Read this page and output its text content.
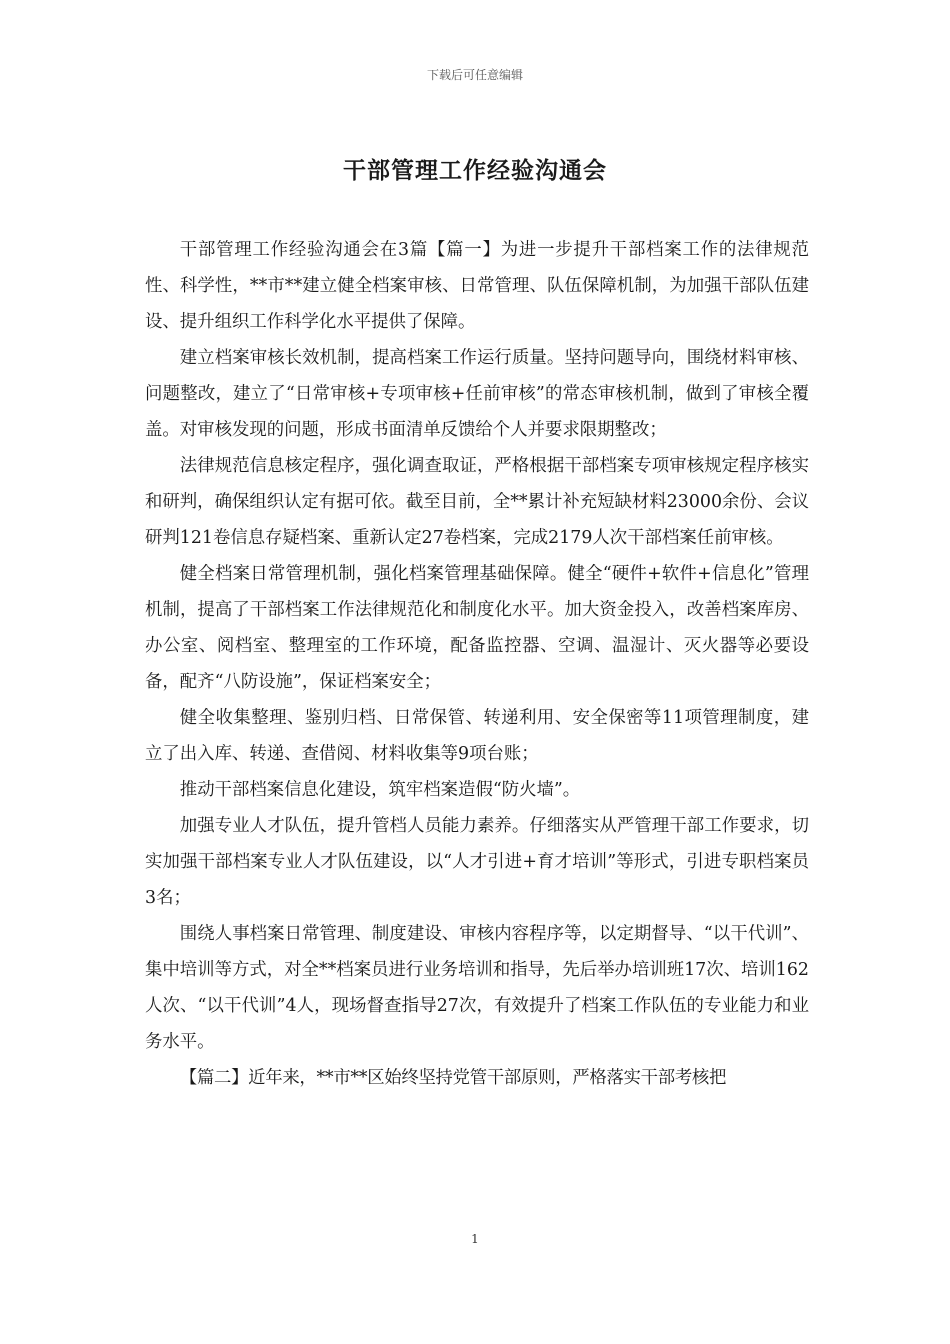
下载后可任意编辑
干部管理工作经验沟通会

干部管理工作经验沟通会在3篇【篇一】为进一步提升干部档案工作的法律规范性、科学性，**市**建立健全档案审核、日常管理、队伍保障机制，为加强干部队伍建设、提升组织工作科学化水平提供了保障。

建立档案审核长效机制，提高档案工作运行质量。坚持问题导向，围绕材料审核、问题整改，建立了“日常审核+专项审核+任前审核”的常态审核机制，做到了审核全覆盖。对审核发现的问题，形成书面清单反馈给个人并要求限期整改；

法律规范信息核定程序，强化调查取证，严格根据干部档案专项审核规定程序核实和研判，确保组织认定有据可依。截至目前，全**累计补充短缺材料23000余份、会议研判121卷信息存疑档案、重新认定27卷档案，完成2179人次干部档案任前审核。

健全档案日常管理机制，强化档案管理基础保障。健全“硬件+软件+信息化”管理机制，提高了干部档案工作法律规范化和制度化水平。加大资金投入，改善档案库房、办公室、阅档室、整理室的工作环境，配备监控器、空调、温湿计、灭火器等必要设备，配齐“八防设施”，保证档案安全；

健全收集整理、鉴别归档、日常保管、转递利用、安全保密等11项管理制度，建立了出入库、转递、查借阅、材料收集等9项台账；

推动干部档案信息化建设，筑牢档案造假“防火墙”。

加强专业人才队伍，提升管档人员能力素养。仔细落实从严管理干部工作要求，切实加强干部档案专业人才队伍建设，以“人才引进+育才培训”等形式，引进专职档案员3名；

围绕人事档案日常管理、制度建设、审核内容程序等，以定期督导、“以干代训”、集中培训等方式，对全**档案员进行业务培训和指导，先后举办培训班17次、培训162人次、“以干代训”4人，现场督查指导27次，有效提升了档案工作队伍的专业能力和业务水平。

【篇二】近年来，**市**区始终坚持党管干部原则，严格落实干部考核把

1
